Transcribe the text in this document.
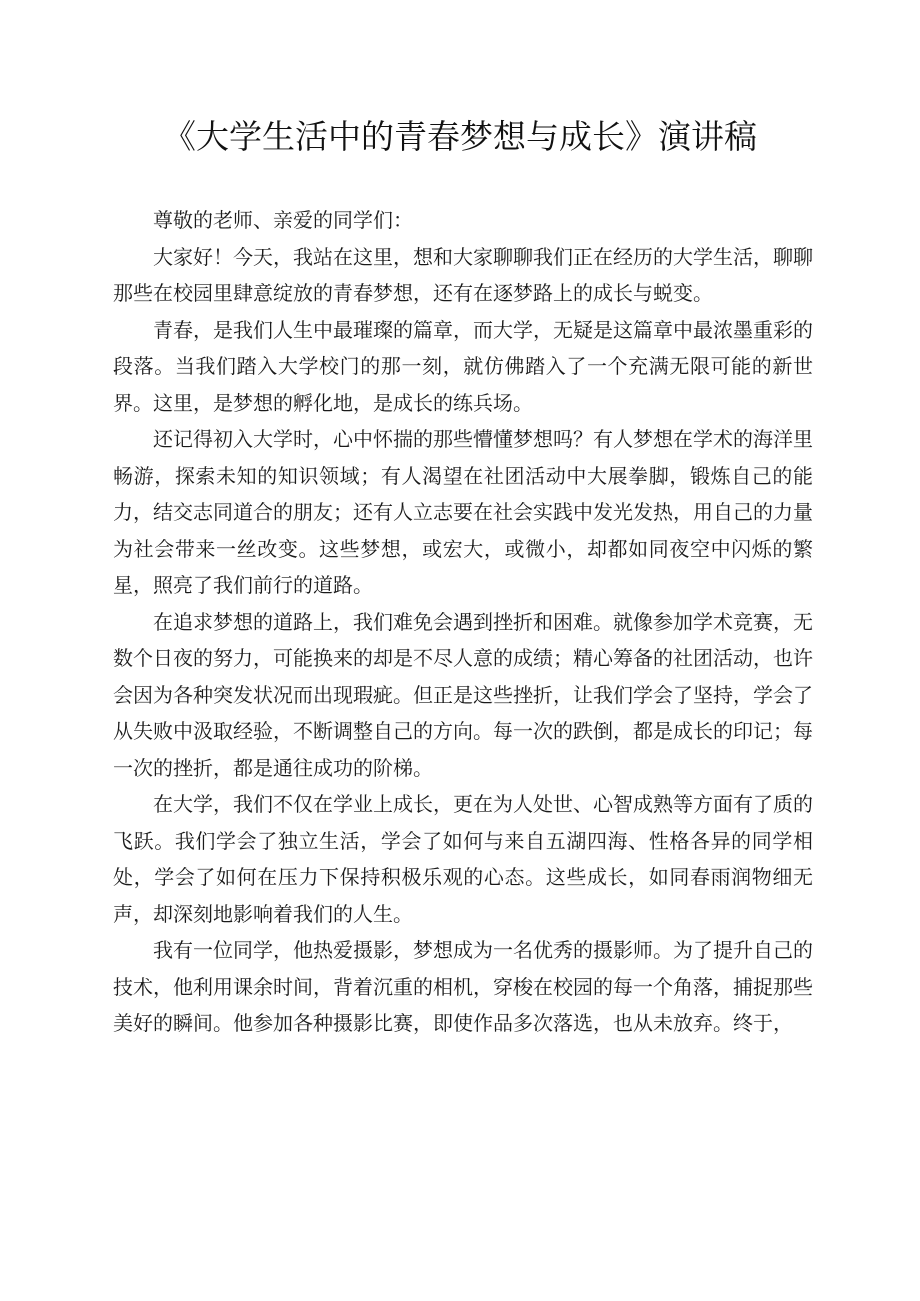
《大学生活中的青春梦想与成长》演讲稿

尊敬的老师、亲爱的同学们：

大家好！今天，我站在这里，想和大家聊聊我们正在经历的大学生活，聊聊那些在校园里肆意绽放的青春梦想，还有在逐梦路上的成长与蜕变。

青春，是我们人生中最璀璨的篇章，而大学，无疑是这篇章中最浓墨重彩的段落。当我们踏入大学校门的那一刻，就仿佛踏入了一个充满无限可能的新世界。这里，是梦想的孵化地，是成长的练兵场。

还记得初入大学时，心中怀揣的那些懵懂梦想吗？有人梦想在学术的海洋里畅游，探索未知的知识领域；有人渴望在社团活动中大展拳脚，锻炼自己的能力，结交志同道合的朋友；还有人立志要在社会实践中发光发热，用自己的力量为社会带来一丝改变。这些梦想，或宏大，或微小，却都如同夜空中闪烁的繁星，照亮了我们前行的道路。

在追求梦想的道路上，我们难免会遇到挫折和困难。就像参加学术竞赛，无数个日夜的努力，可能换来的却是不尽人意的成绩；精心筹备的社团活动，也许会因为各种突发状况而出现瑕疵。但正是这些挫折，让我们学会了坚持，学会了从失败中汲取经验，不断调整自己的方向。每一次的跌倒，都是成长的印记；每一次的挫折，都是通往成功的阶梯。

在大学，我们不仅在学业上成长，更在为人处世、心智成熟等方面有了质的飞跃。我们学会了独立生活，学会了如何与来自五湖四海、性格各异的同学相处，学会了如何在压力下保持积极乐观的心态。这些成长，如同春雨润物细无声，却深刻地影响着我们的人生。

我有一位同学，他热爱摄影，梦想成为一名优秀的摄影师。为了提升自己的技术，他利用课余时间，背着沉重的相机，穿梭在校园的每一个角落，捕捉那些美好的瞬间。他参加各种摄影比赛，即使作品多次落选，也从未放弃。终于，
